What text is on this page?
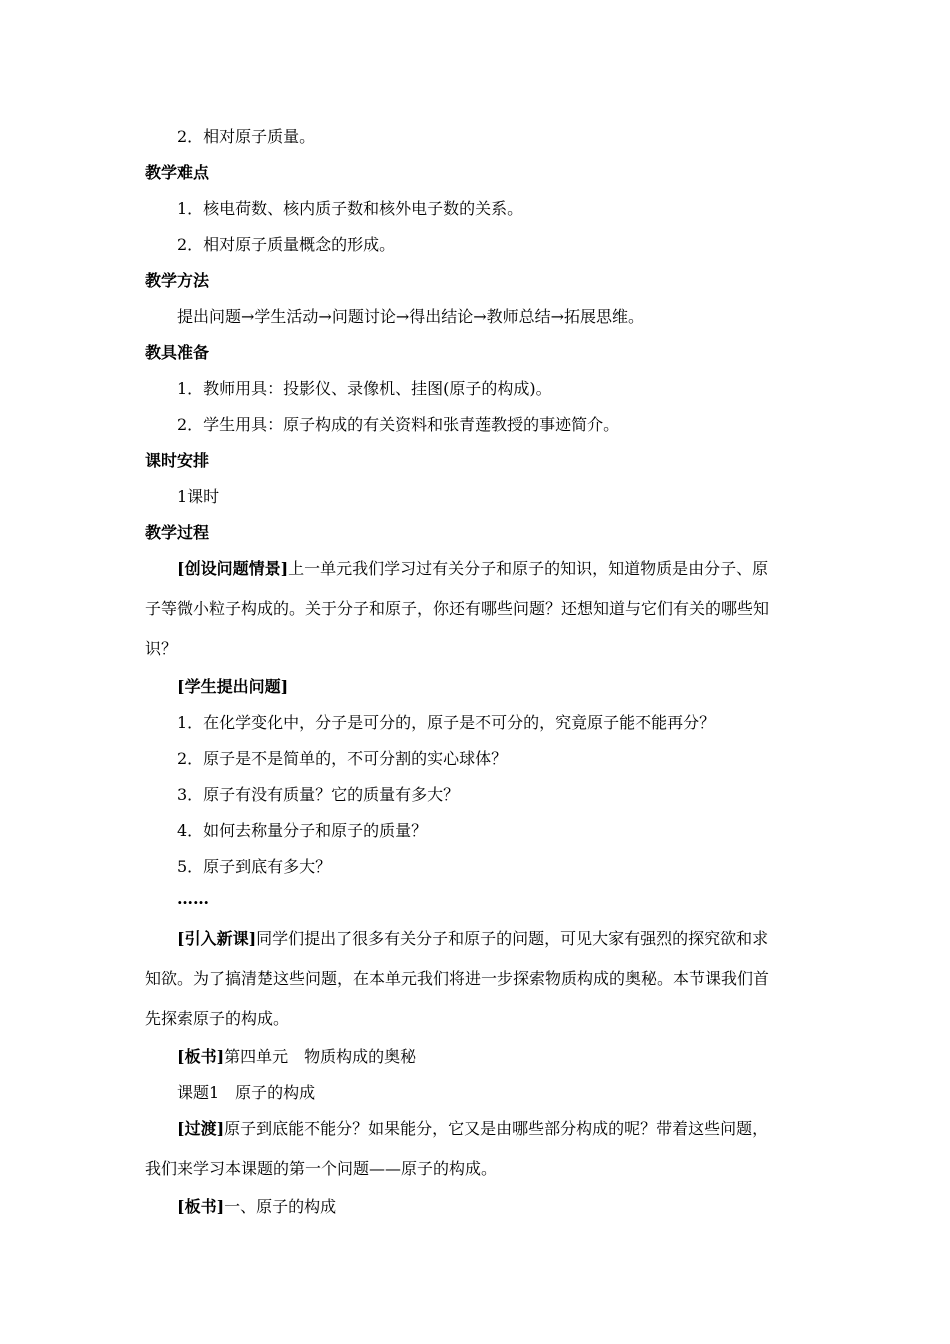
2．相对原子质量。
教学难点
1．核电荷数、核内质子数和核外电子数的关系。
2．相对原子质量概念的形成。
教学方法
提出问题→学生活动→问题讨论→得出结论→教师总结→拓展思维。
教具准备
1．教师用具：投影仪、录像机、挂图(原子的构成)。
2．学生用具：原子构成的有关资料和张青莲教授的事迹简介。
课时安排
1课时
教学过程
[创设问题情景]上一单元我们学习过有关分子和原子的知识，知道物质是由分子、原
子等微小粒子构成的。关于分子和原子，你还有哪些问题？还想知道与它们有关的哪些知
识？
[学生提出问题]
1．在化学变化中，分子是可分的，原子是不可分的，究竟原子能不能再分？
2．原子是不是简单的，不可分割的实心球体？
3．原子有没有质量？它的质量有多大？
4．如何去称量分子和原子的质量？
5．原子到底有多大？
……
[引入新课]同学们提出了很多有关分子和原子的问题，可见大家有强烈的探究欲和求
知欲。为了搞清楚这些问题，在本单元我们将进一步探索物质构成的奥秘。本节课我们首
先探索原子的构成。
[板书]第四单元　物质构成的奥秘
课题1　原子的构成
[过渡]原子到底能不能分？如果能分，它又是由哪些部分构成的呢？带着这些问题，
我们来学习本课题的第一个问题——原子的构成。
[板书]一、原子的构成
